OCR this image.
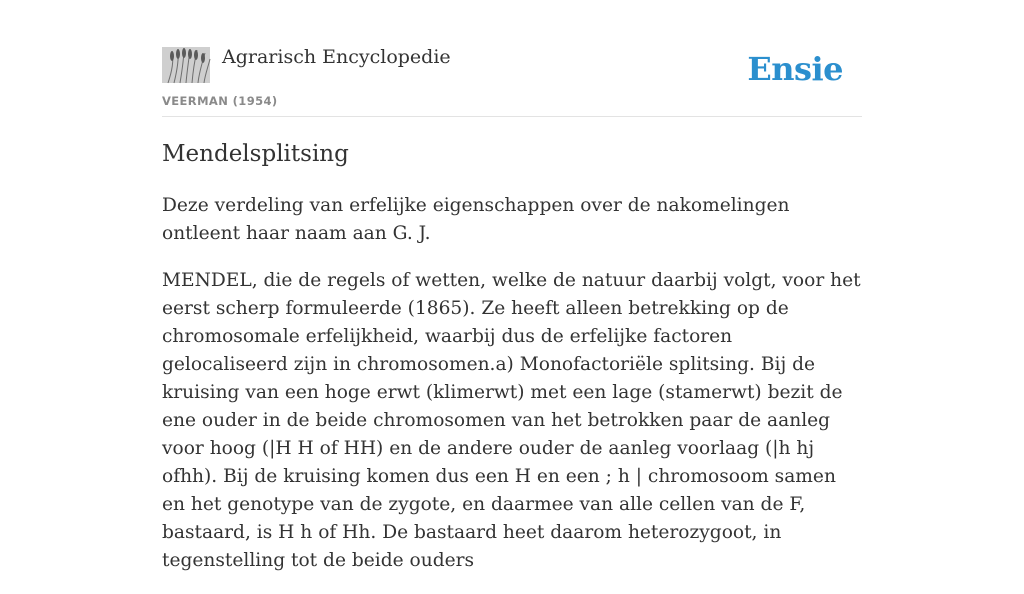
Agrarisch Encyclopedie
VEERMAN (1954)
Ensie
Mendelsplitsing

Deze verdeling van erfelijke eigenschappen over de nakomelingen ontleent haar naam aan G. J.

MENDEL, die de regels of wetten, welke de natuur daarbij volgt, voor het eerst scherp formuleerde (1865). Ze heeft alleen betrekking op de chromosomale erfelijkheid, waarbij dus de erfelijke factoren gelocaliseerd zijn in chromosomen.a) Monofactoriële splitsing. Bij de kruising van een hoge erwt (klimerwt) met een lage (stamerwt) bezit de ene ouder in de beide chromosomen van het betrokken paar de aanleg voor hoog (|H H of HH) en de andere ouder de aanleg voorlaag (|h hj ofhh). Bij de kruising komen dus een H en een ; h | chromosoom samen en het genotype van de zygote, en daarmee van alle cellen van de F, bastaard, is H h of Hh. De bastaard heet daarom heterozygoot, in tegenstelling tot de beide ouders
